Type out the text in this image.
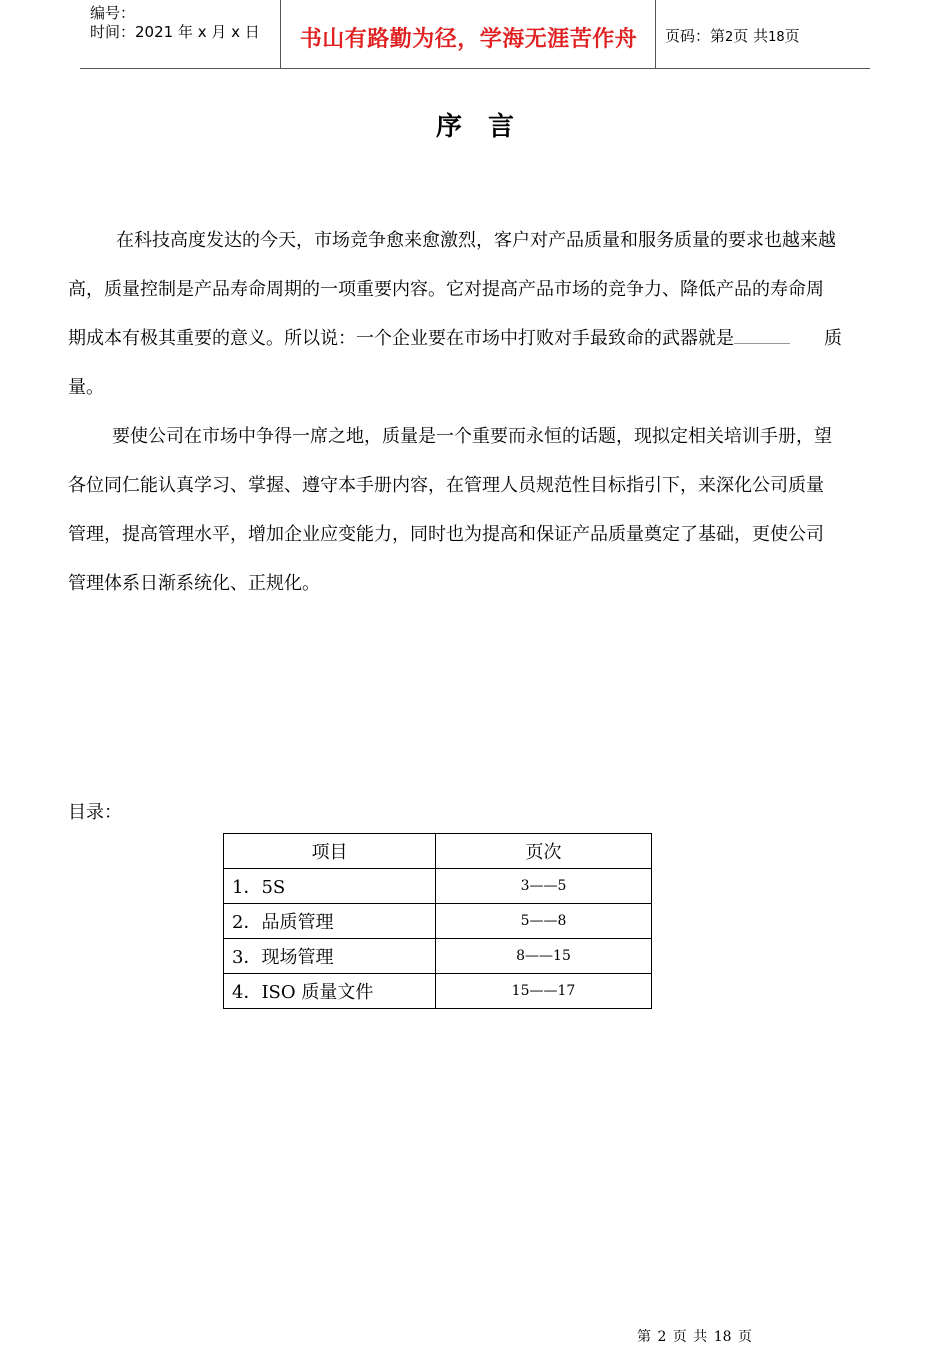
编号：
时间：2021 年 x 月 x 日	书山有路勤为径，学海无涯苦作舟	页码：第2页 共18页
序言
在科技高度发达的今天，市场竞争愈来愈激烈，客户对产品质量和服务质量的要求也越来越
高，质量控制是产品寿命周期的一项重要内容。它对提高产品市场的竞争力、降低产品的寿命周
期成本有极其重要的意义。所以说：一个企业要在市场中打败对手最致命的武器就是	质
量。
要使公司在市场中争得一席之地，质量是一个重要而永恒的话题，现拟定相关培训手册，望
各位同仁能认真学习、掌握、遵守本手册内容，在管理人员规范性目标指引下，来深化公司质量
管理，提高管理水平，增加企业应变能力，同时也为提高和保证产品质量奠定了基础，更使公司
管理体系日渐系统化、正规化。
目录：
项目	页次
1．5S	3——5
2．品质管理	5——8
3．现场管理	8——15
4．ISO 质量文件	15——17
第 2 页 共 18 页
